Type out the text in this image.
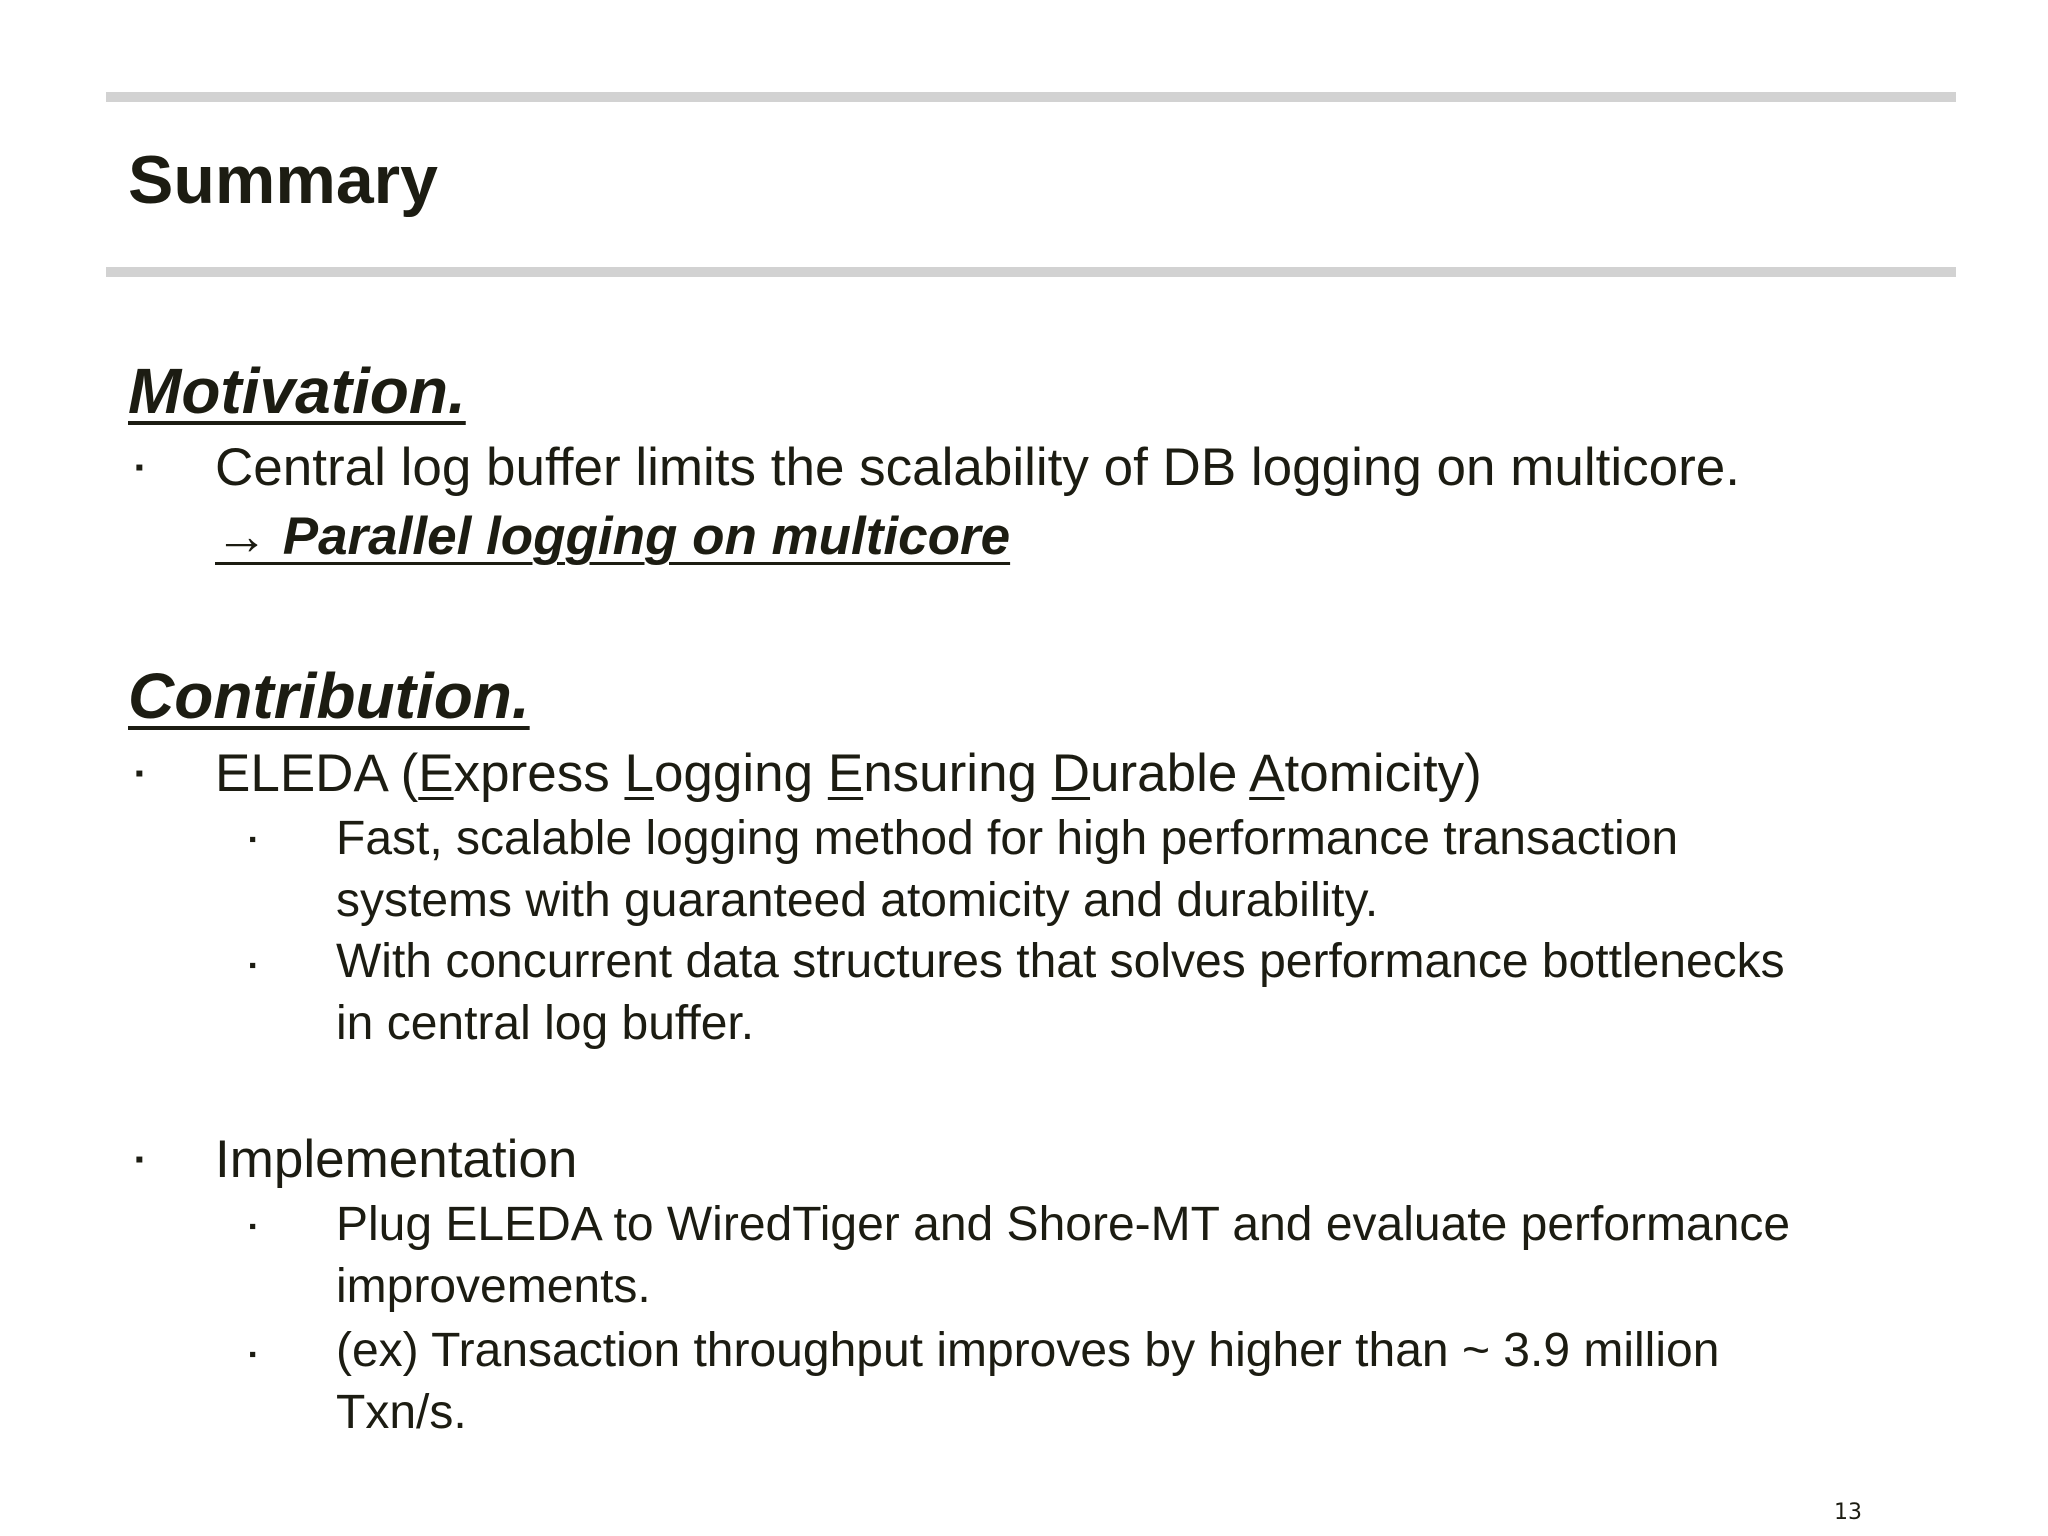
Summary
Motivation.
▪ Central log buffer limits the scalability of DB logging on multicore.
→ Parallel logging on multicore
Contribution.
▪ ELEDA (Express Logging Ensuring Durable Atomicity)
▪ Fast, scalable logging method for high performance transaction
systems with guaranteed atomicity and durability.
▪ With concurrent data structures that solves performance bottlenecks
in central log buffer.
▪ Implementation
▪ Plug ELEDA to WiredTiger and Shore-MT and evaluate performance
improvements.
▪ (ex) Transaction throughput improves by higher than ~ 3.9 million
Txn/s.
13
